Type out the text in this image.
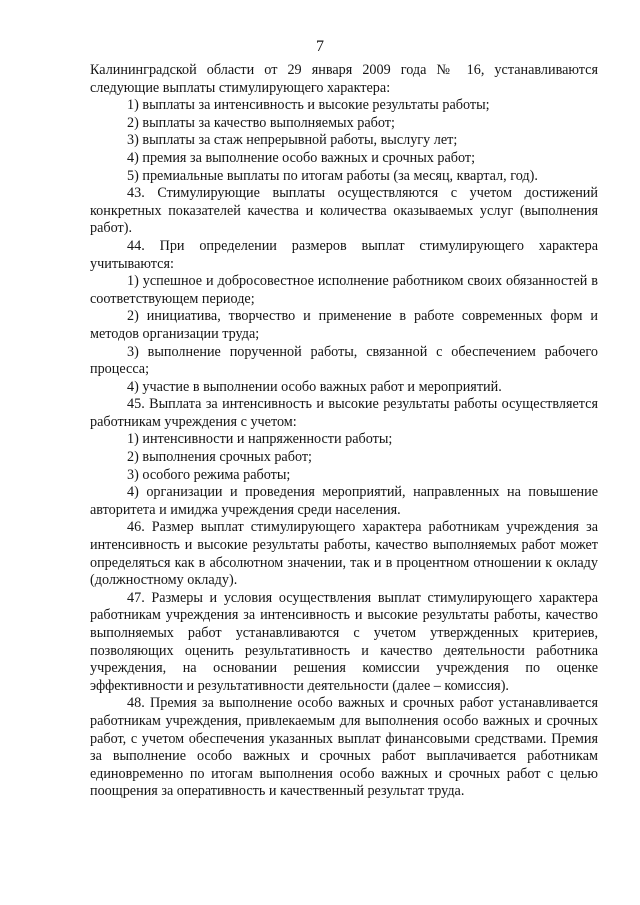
7

Калининградской области от 29 января 2009 года № 16, устанавливаются следующие выплаты стимулирующего характера:

1) выплаты за интенсивность и высокие результаты работы;

2) выплаты за качество выполняемых работ;

3) выплаты за стаж непрерывной работы, выслугу лет;

4) премия за выполнение особо важных и срочных работ;

5) премиальные выплаты по итогам работы (за месяц, квартал, год).

43. Стимулирующие выплаты осуществляются с учетом достижений конкретных показателей качества и количества оказываемых услуг (выполнения работ).

44. При определении размеров выплат стимулирующего характера учитываются:

1) успешное и добросовестное исполнение работником своих обязанностей в соответствующем периоде;

2) инициатива, творчество и применение в работе современных форм и методов организации труда;

3) выполнение порученной работы, связанной с обеспечением рабочего процесса;

4) участие в выполнении особо важных работ и мероприятий.

45. Выплата за интенсивность и высокие результаты работы осуществляется работникам учреждения с учетом:

1) интенсивности и напряженности работы;

2) выполнения срочных работ;

3) особого режима работы;

4) организации и проведения мероприятий, направленных на повышение авторитета и имиджа учреждения среди населения.

46. Размер выплат стимулирующего характера работникам учреждения за интенсивность и высокие результаты работы, качество выполняемых работ может определяться как в абсолютном значении, так и в процентном отношении к окладу (должностному окладу).

47. Размеры и условия осуществления выплат стимулирующего характера работникам учреждения за интенсивность и высокие результаты работы, качество выполняемых работ устанавливаются с учетом утвержденных критериев, позволяющих оценить результативность и качество деятельности работника учреждения, на основании решения комиссии учреждения по оценке эффективности и результативности деятельности (далее – комиссия).

48. Премия за выполнение особо важных и срочных работ устанавливается работникам учреждения, привлекаемым для выполнения особо важных и срочных работ, с учетом обеспечения указанных выплат финансовыми средствами. Премия за выполнение особо важных и срочных работ выплачивается работникам единовременно по итогам выполнения особо важных и срочных работ с целью поощрения за оперативность и качественный результат труда.
